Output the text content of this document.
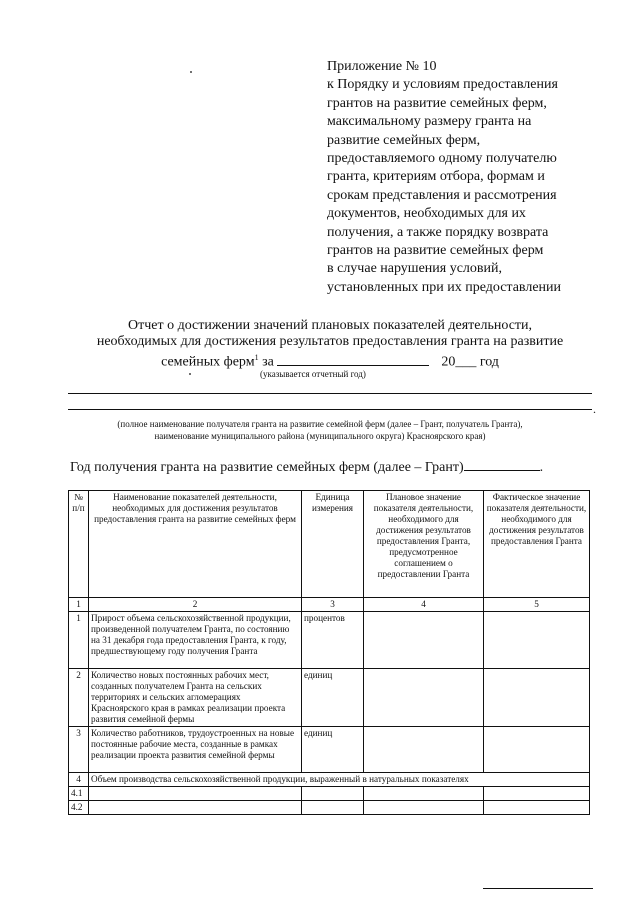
Приложение № 10
к Порядку и условиям предоставления
грантов на развитие семейных ферм,
максимальному размеру гранта на
развитие семейных ферм,
предоставляемого одному получателю
гранта, критериям отбора, формам и
срокам представления и рассмотрения
документов, необходимых для их
получения, а также порядку возврата
грантов на развитие семейных ферм
в случае нарушения условий,
установленных при их предоставлении
Отчет о достижении значений плановых показателей деятельности,
необходимых для достижения результатов предоставления гранта на развитие
семейных ферм$^1$ за	20___ год
(указывается отчетный год)
.
(полное наименование получателя гранта на развитие семейной ферм (далее – Грант, получатель Гранта),
наименование муниципального района (муниципального округа) Красноярского края)
Год получения гранта на развитие семейных ферм (далее – Грант)	.
№ п/п	Наименование показателей деятельности, необходимых для достижения результатов предоставления гранта на развитие семейных ферм	Единица измерения	Плановое значение показателя деятельности, необходимого для достижения результатов предоставления Гранта, предусмотренное соглашением о предоставлении Гранта	Фактическое значение показателя деятельности, необходимого для достижения результатов предоставления Гранта
1	2	3	4	5
1	Прирост объема сельскохозяйственной продукции, произведенной получателем Гранта, по состоянию на 31 декабря года предоставления Гранта, к году, предшествующему году получения Гранта	процентов		
2	Количество новых постоянных рабочих мест, созданных получателем Гранта на сельских территориях и сельских агломерациях Красноярского края в рамках реализации проекта развития семейной фермы	единиц		
3	Количество работников, трудоустроенных на новые постоянные рабочие места, созданные в рамках реализации проекта развития семейной фермы	единиц		
4	Объем производства сельскохозяйственной продукции, выраженный в натуральных показателях			
4.1				
4.2				
